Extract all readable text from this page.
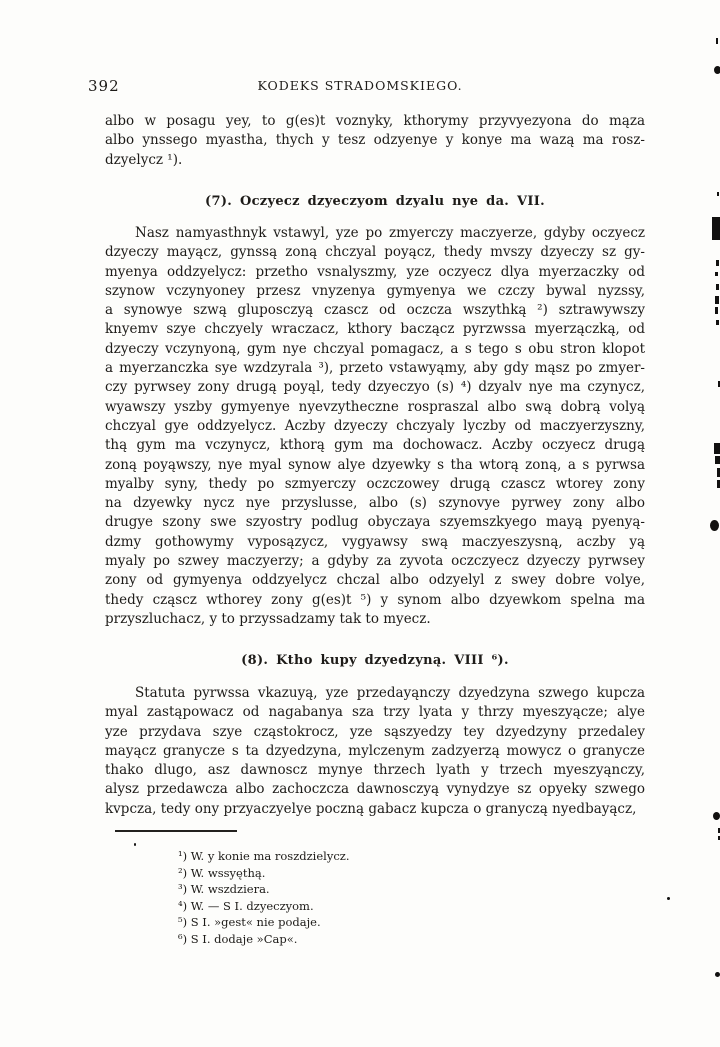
392	KODEKS STRADOMSKIEGO.
albo w posagu yey, to g(es)t voznyky, kthorymy przyvyezyona do mąza
albo ynssego myastha, thych y tesz odzyenye y konye ma wazą ma rosz-
dzyelycz ¹).
(7). Oczyecz dzyeczyom dzyalu nye da. VII.
Nasz namyasthnyk vstawyl, yze po zmyerczy maczyerze, gdyby oczyecz
dzyeczy mayącz, gynssą zoną chczyal poyącz, thedy mvszy dzyeczy sz gy-
myenya oddzyelycz: przetho vsnalyszmy, yze oczyecz dlya myerzaczky od
szynow vczynyoney przesz vnyzenya gymyenya we czczy bywal nyzssy,
a synowye szwą gluposczyą czascz od oczcza wszythką ²) sztrawywszy
knyemv szye chczyely wraczacz, kthory baczącz pyrzwssa myerzączką, od
dzyeczy vczynyoną, gym nye chczyal pomagacz, a s tego s obu stron klopot
a myerzanczka sye wzdzyrala ³), przeto vstawyąmy, aby gdy mąsz po zmyer-
czy pyrwsey zony drugą poyąl, tedy dzyeczyo (s) ⁴) dzyalv nye ma czynycz,
wyawszy yszby gymyenye nyevzytheczne rospraszal albo swą dobrą volyą
chczyal gye oddzyelycz. Aczby dzyeczy chczyaly lyczby od maczyerzyszny,
thą gym ma vczynycz, kthorą gym ma dochowacz. Aczby oczyecz drugą
zoną poyąwszy, nye myal synow alye dzyewky s tha wtorą zoną, a s pyrwsa
myalby syny, thedy po szmyerczy oczczowey drugą czascz wtorey zony
na dzyewky nycz nye przyslusse, albo (s) szynovye pyrwey zony albo
drugye szony swe szyostry podlug obyczaya szyemszkyego mayą pyenyą-
dzmy gothowymy vyposązycz, vygyawsy swą maczyeszysną, aczby yą
myaly po szwey maczyerzy; a gdyby za zyvota oczczyecz dzyeczy pyrwsey
zony od gymyenya oddzyelycz chczal albo odzyelyl z swey dobre volye,
thedy cząscz wthorey zony g(es)t ⁵) y synom albo dzyewkom spelna ma
przyszluchacz, y to przyssadzamy tak to myecz.
(8). Ktho kupy dzyedzyną. VIII ⁶).
Statuta pyrwssa vkazuyą, yze przedayąnczy dzyedzyna szwego kupcza
myal zastąpowacz od nagabanya sza trzy lyata y thrzy myeszyącze; alye
yze przydava szye cząstokrocz, yze sąszyedzy tey dzyedzyny przedaley
mayącz granycze s ta dzyedzyna, mylczenym zadzyerzą mowycz o granycze
thako dlugo, asz dawnoscz mynye thrzech lyath y trzech myeszyąnczy,
alysz przedawcza albo zachoczcza dawnosczyą vynydzye sz opyeky szwego
kvpcza, tedy ony przyaczyelye poczną gabacz kupcza o granyczą nyedbayącz,
¹) W. y konie ma roszdzielycz.
²) W. wssyęthą.
³) W. wszdziera.
⁴) W. — S I. dzyeczyom.
⁵) S I. »gest« nie podaje.
⁶) S I. dodaje »Cap«.
